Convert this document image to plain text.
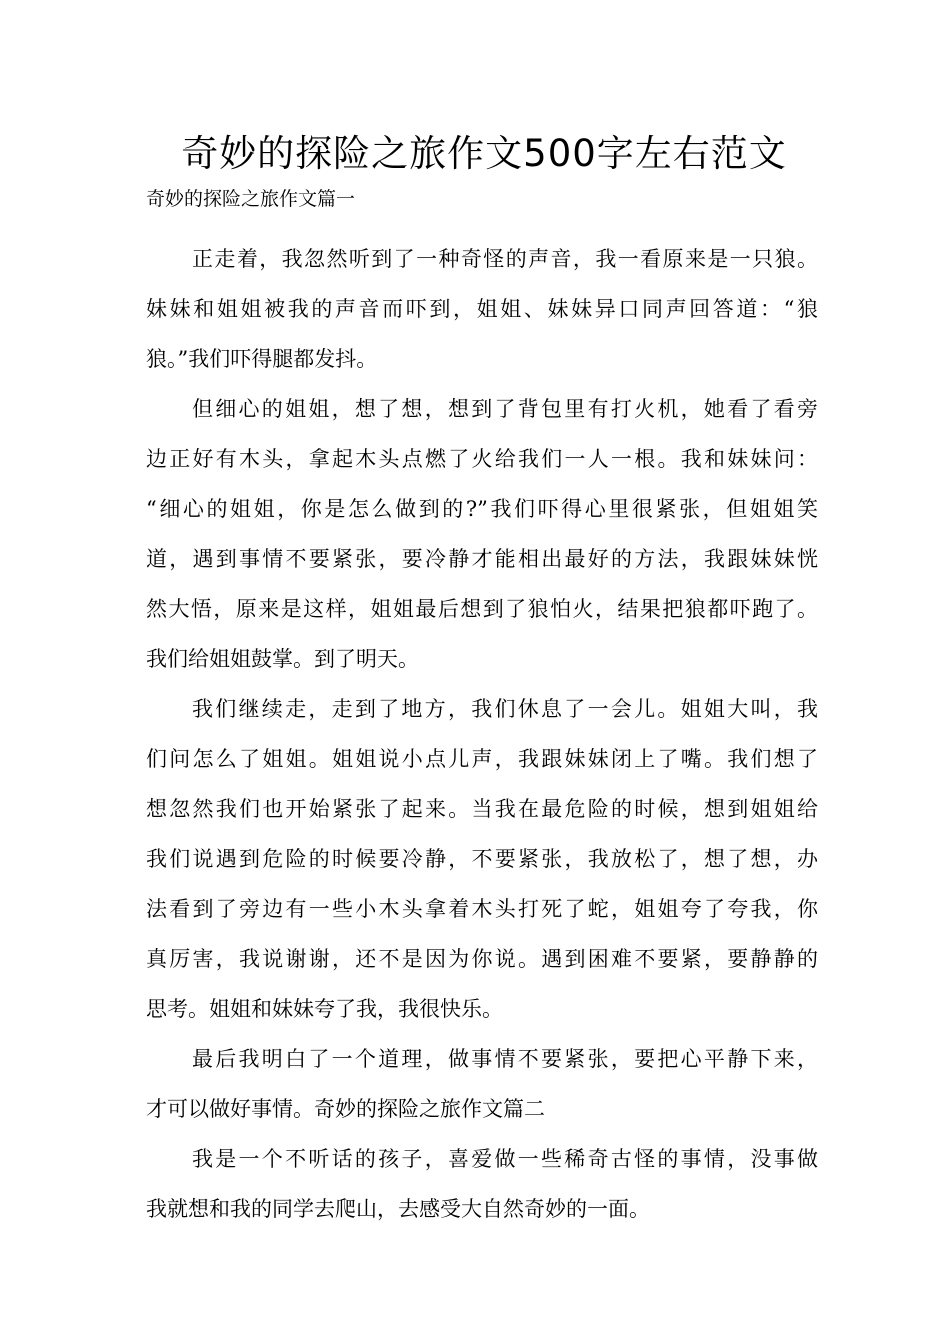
奇妙的探险之旅作文500字左右范文
奇妙的探险之旅作文篇一

正走着，我忽然听到了一种奇怪的声音，我一看原来是一只狼。
妹妹和姐姐被我的声音而吓到，姐姐、妹妹异口同声回答道：“狼
狼。”我们吓得腿都发抖。

但细心的姐姐，想了想，想到了背包里有打火机，她看了看旁
边正好有木头，拿起木头点燃了火给我们一人一根。我和妹妹问：
“细心的姐姐，你是怎么做到的?”我们吓得心里很紧张，但姐姐笑
道，遇到事情不要紧张，要冷静才能相出最好的方法，我跟妹妹恍
然大悟，原来是这样，姐姐最后想到了狼怕火，结果把狼都吓跑了。
我们给姐姐鼓掌。到了明天。

我们继续走，走到了地方，我们休息了一会儿。姐姐大叫，我
们问怎么了姐姐。姐姐说小点儿声，我跟妹妹闭上了嘴。我们想了
想忽然我们也开始紧张了起来。当我在最危险的时候，想到姐姐给
我们说遇到危险的时候要冷静，不要紧张，我放松了，想了想，办
法看到了旁边有一些小木头拿着木头打死了蛇，姐姐夸了夸我，你
真厉害，我说谢谢，还不是因为你说。遇到困难不要紧，要静静的
思考。姐姐和妹妹夸了我，我很快乐。

最后我明白了一个道理，做事情不要紧张，要把心平静下来，
才可以做好事情。奇妙的探险之旅作文篇二

我是一个不听话的孩子，喜爱做一些稀奇古怪的事情，没事做
我就想和我的同学去爬山，去感受大自然奇妙的一面。
